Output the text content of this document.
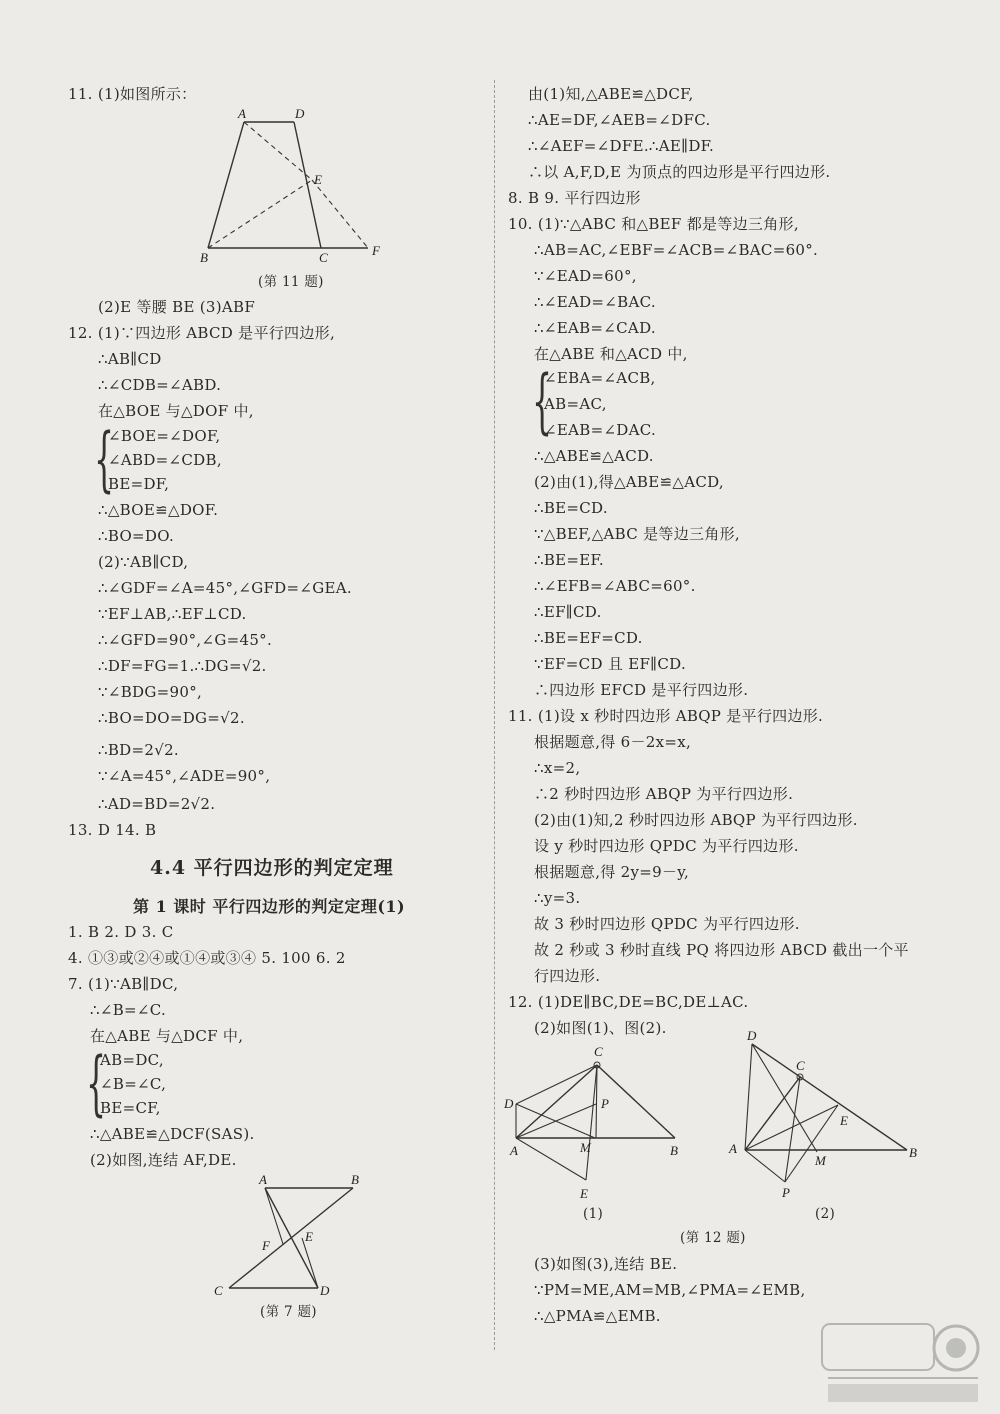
11. (1)如图所示：
A	D
E
B	C	F
(第 11 题)
(2)E 等腰 BE (3)ABF
12. (1)∵四边形 ABCD 是平行四边形,
∴AB∥CD
∴∠CDB=∠ABD.
在△BOE 与△DOF 中,
{
∠BOE=∠DOF,
∠ABD=∠CDB,
BE=DF,
∴△BOE≌△DOF.
∴BO=DO.
(2)∵AB∥CD,
∴∠GDF=∠A=45°,∠GFD=∠GEA.
∵EF⊥AB,∴EF⊥CD.
∴∠GFD=90°,∠G=45°.
∴DF=FG=1.∴DG=√2.
∵∠BDG=90°,
∴BO=DO=DG=√2.
∴BD=2√2.
∵∠A=45°,∠ADE=90°,
∴AD=BD=2√2.
13. D 14. B
4.4 平行四边形的判定定理
第 1 课时 平行四边形的判定定理(1)
1. B 2. D 3. C
4. ①③或②④或①④或③④ 5. 100 6. 2
7. (1)∵AB∥DC,
∴∠B=∠C.
在△ABE 与△DCF 中,
{
AB=DC,
∠B=∠C,
BE=CF,
∴△ABE≌△DCF(SAS).
(2)如图,连结 AF,DE.
A	B
F
E
C	D
(第 7 题)
由(1)知,△ABE≌△DCF,
∴AE=DF,∠AEB=∠DFC.
∴∠AEF=∠DFE.∴AE∥DF.
∴以 A,F,D,E 为顶点的四边形是平行四边形.
8. B 9. 平行四边形
10. (1)∵△ABC 和△BEF 都是等边三角形,
∴AB=AC,∠EBF=∠ACB=∠BAC=60°.
∵∠EAD=60°,
∴∠EAD=∠BAC.
∴∠EAB=∠CAD.
在△ABE 和△ACD 中,
{
∠EBA=∠ACB,
AB=AC,
∠EAB=∠DAC.
∴△ABE≌△ACD.
(2)由(1),得△ABE≌△ACD,
∴BE=CD.
∵△BEF,△ABC 是等边三角形,
∴BE=EF.
∴∠EFB=∠ABC=60°.
∴EF∥CD.
∴BE=EF=CD.
∵EF=CD 且 EF∥CD.
∴四边形 EFCD 是平行四边形.
11. (1)设 x 秒时四边形 ABQP 是平行四边形.
根据题意,得 6－2x=x,
∴x=2,
∴2 秒时四边形 ABQP 为平行四边形.
(2)由(1)知,2 秒时四边形 ABQP 为平行四边形.
设 y 秒时四边形 QPDC 为平行四边形.
根据题意,得 2y=9－y,
∴y=3.
故 3 秒时四边形 QPDC 为平行四边形.
故 2 秒或 3 秒时直线 PQ 将四边形 ABCD 截出一个平
行四边形.
12. (1)DE∥BC,DE=BC,DE⊥AC.
(2)如图(1)、图(2).
C
D	P
A	M	B
E
(1)
D
C
E
A
M
B
P
(2)
(第 12 题)
(3)如图(3),连结 BE.
∵PM=ME,AM=MB,∠PMA=∠EMB,
∴△PMA≌△EMB.
